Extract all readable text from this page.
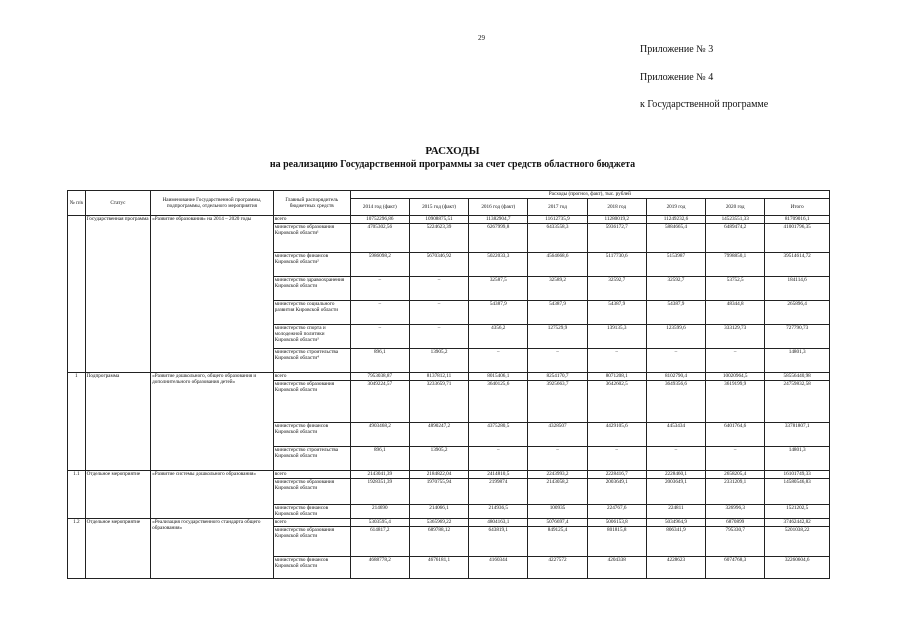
29
Приложение № 3
Приложение № 4
к Государственной программе
РАСХОДЫ
на реализацию Государственной программы за счет средств областного бюджета
№ п/в	Статус	Наименование Государственной программы, подпрограммы, отдельного мероприятия	Главный распорядитель бюджетных средств	Расходы (прогноз, факт), тыс. рублей							
				2014 год (факт)	2015 год (факт)	2016 год (факт)	2017 год	2018 год	2019 год	2020 год	Итого
	Государственная программа	«Развитие образования» на 2014 – 2020 годы	всего	10752296,86	10908875,51	11382904,7	11612735,9	11280019,2	11249232,6	14523551,33	81709016,1
			министерство образования Кировской области¹	4705302,56	5224623,39	6267999,8	6433558,3	5936172,7	5884665,4	6489474,2	41001796,35
			министерство финансов Кировской области²	5986098,2	5670346,92	5022033,3	4564668,6	5117730,6	5153987	7998850,1	39514614,72
			министерство здравоохранения Кировской области	–	–	32587,5	32589,2	32592,7	32592,7	53752,5	184114,6
			министерство социального развития Кировской области	–	–	54387,9	54387,9	54387,9	54387,9	48344,8	265896,4
			министерство спорта и молодежной политики Кировской области³	–	–	4356,2	127529,9	139135,3	123599,6	333129,73	727790,73
			министерство строительства Кировской области⁴	896,1	13905,2	–	–	–	–	–	14801,3
1	Подпрограмма	«Развитие дошкольного, общего образования и дополнительного образования детей»	всего	7953038,87	8137812,11	8015406,1	8254170,7	8071208,1	8102790,4	10020964,5	58556440,98
			министерство образования Кировской области	3049224,57	3233659,71	3640125,6	3925663,7	3642602,5	3649356,6	3619199,9	24759832,58
			министерство финансов Кировской области	4903468,2	4890247,2	4375280,5	4328507	4429105,6	4453434	6401764,6	33781807,1
			министерство строительства Кировской области	896,1	13905,2	–	–	–	–	–	14801,3
1.1	Отдельное мероприятие	«Развитие системы дошкольного образования»	всего	2143041,39	2184822,04	2414810,5	2243993,2	2228416,7	2228460,1	2658205,4	16101749,33
			министерство образования Кировской области	1928351,39	1970755,94	2199874	2143058,2	2003649,1	2003649,1	2331209,1	14580546,83
			министерство финансов Кировской области	214690	214066,1	214936,5	100935	224767,6	224811	326996,3	1521202,5
1.2	Отдельное мероприятие	«Реализация государственного стандарта общего образования»	всего	5303595,4	5365969,22	4804163,1	5076697,4	5006153,8	5034964,9	6870899	37462442,82
			министерство образования Кировской области	614817,2	689788,12	643819,1	849125,4	801815,8	806341,9	795330,7	5201038,22
			министерство финансов Кировской области	4688778,2	4676181,1	4160344	4227572	4204338	4228623	6074768,3	32260604,6
